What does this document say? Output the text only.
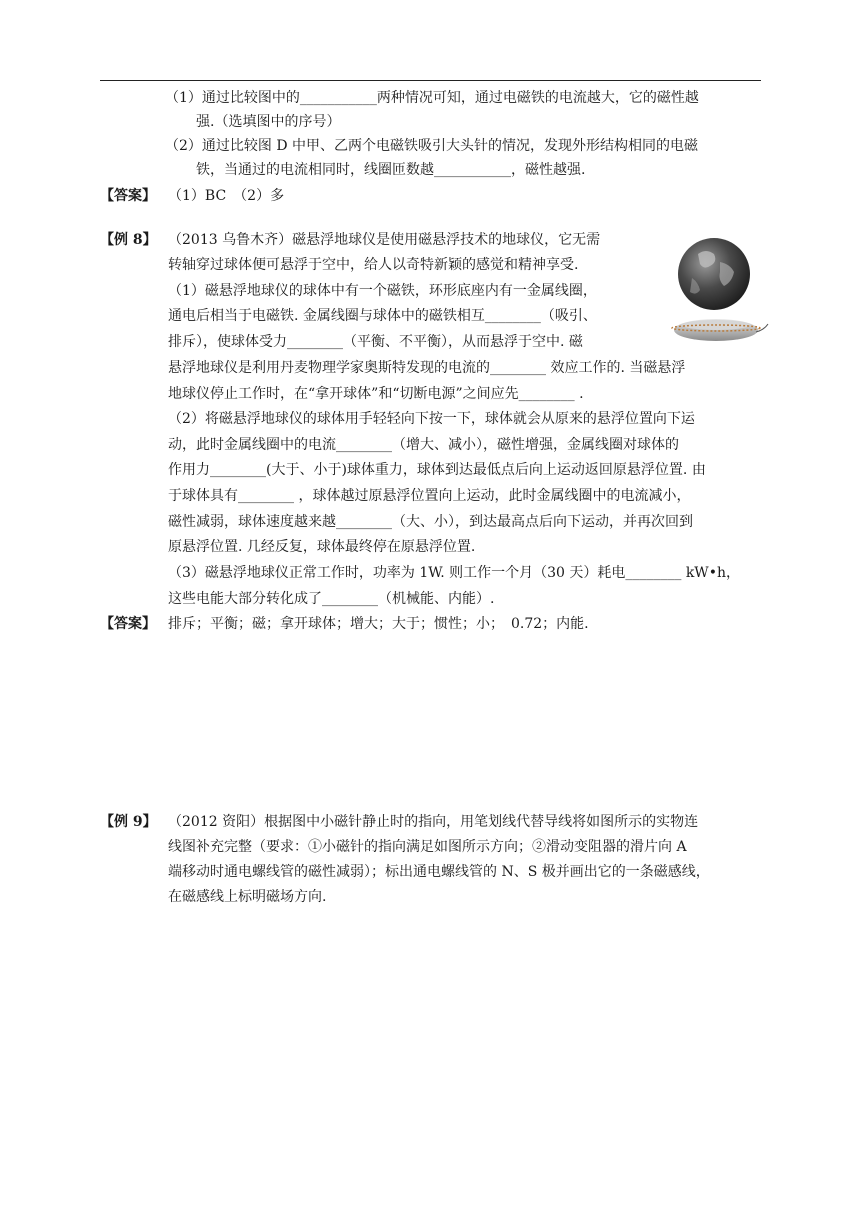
（1）通过比较图中的___________两种情况可知，通过电磁铁的电流越大，它的磁性越
强.（选填图中的序号）
（2）通过比较图 D 中甲、乙两个电磁铁吸引大头针的情况，发现外形结构相同的电磁
铁，当通过的电流相同时，线圈匝数越___________，磁性越强.
【答案】 （1）BC　（2）多
【例 8】 （2013 乌鲁木齐）磁悬浮地球仪是使用磁悬浮技术的地球仪，它无需
转轴穿过球体便可悬浮于空中，给人以奇特新颖的感觉和精神享受.
（1）磁悬浮地球仪的球体中有一个磁铁，环形底座内有一金属线圈，
通电后相当于电磁铁. 金属线圈与球体中的磁铁相互________（吸引、
排斥），使球体受力________（平衡、不平衡），从而悬浮于空中. 磁
悬浮地球仪是利用丹麦物理学家奥斯特发现的电流的________ 效应工作的. 当磁悬浮
地球仪停止工作时，在“拿开球体”和“切断电源”之间应先________ .
（2）将磁悬浮地球仪的球体用手轻轻向下按一下，球体就会从原来的悬浮位置向下运
动，此时金属线圈中的电流________（增大、减小），磁性增强，金属线圈对球体的
作用力________(大于、小于)球体重力，球体到达最低点后向上运动返回原悬浮位置. 由
于球体具有________ ，球体越过原悬浮位置向上运动，此时金属线圈中的电流减小，
磁性减弱，球体速度越来越________（大、小），到达最高点后向下运动，并再次回到
原悬浮位置. 几经反复，球体最终停在原悬浮位置.
（3）磁悬浮地球仪正常工作时，功率为 1W. 则工作一个月（30 天）耗电________ kW•h，
这些电能大部分转化成了________（机械能、内能）.
【答案】 排斥；平衡；磁；拿开球体；增大；大于；惯性；小；　0.72；内能.
【例 9】 （2012 资阳）根据图中小磁针静止时的指向，用笔划线代替导线将如图所示的实物连
线图补充完整（要求：①小磁针的指向满足如图所示方向；②滑动变阻器的滑片向 A
端移动时通电螺线管的磁性减弱）；标出通电螺线管的 N、S 极并画出它的一条磁感线，
在磁感线上标明磁场方向.
